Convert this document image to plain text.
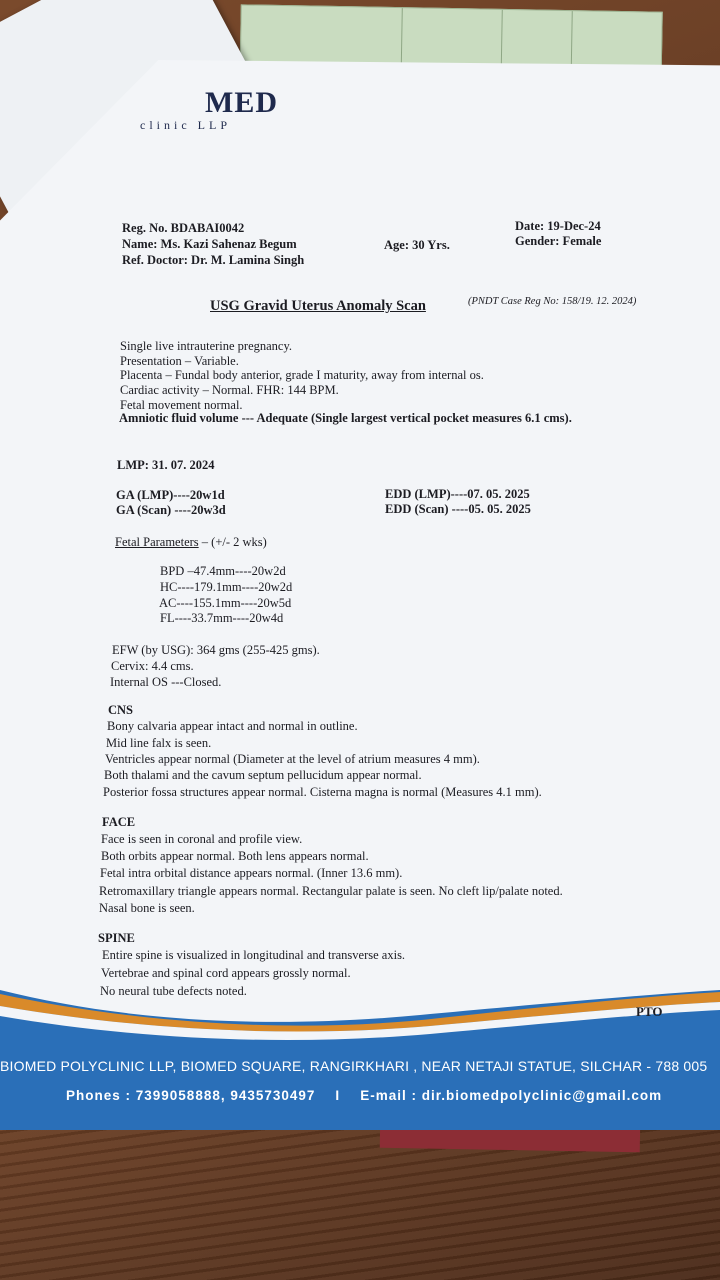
MED
clinic LLP
Reg. No. BDABAI0042
Name: Ms. Kazi Sahenaz Begum
Ref. Doctor: Dr. M. Lamina Singh
Age: 30 Yrs.
Date: 19-Dec-24
Gender: Female
USG Gravid Uterus Anomaly Scan	(PNDT Case Reg No: 158/19. 12. 2024)
Single live intrauterine pregnancy.
Presentation – Variable.
Placenta – Fundal body anterior, grade I maturity, away from internal os.
Cardiac activity – Normal. FHR: 144 BPM.
Fetal movement normal.
Amniotic fluid volume --- Adequate (Single largest vertical pocket measures 6.1 cms).
LMP: 31. 07. 2024
GA (LMP)----20w1d
GA (Scan) ----20w3d
EDD (LMP)----07. 05. 2025
EDD (Scan) ----05. 05. 2025
Fetal Parameters – (+/- 2 wks)
BPD –47.4mm----20w2d
HC----179.1mm----20w2d
AC----155.1mm----20w5d
FL----33.7mm----20w4d
EFW (by USG): 364 gms (255-425 gms).
Cervix: 4.4 cms.
Internal OS ---Closed.
CNS
Bony calvaria appear intact and normal in outline.
Mid line falx is seen.
Ventricles appear normal (Diameter at the level of atrium measures 4 mm).
Both thalami and the cavum septum pellucidum appear normal.
Posterior fossa structures appear normal. Cisterna magna is normal (Measures 4.1 mm).
FACE
Face is seen in coronal and profile view.
Both orbits appear normal. Both lens appears normal.
Fetal intra orbital distance appears normal. (Inner 13.6 mm).
Retromaxillary triangle appears normal. Rectangular palate is seen. No cleft lip/palate noted.
Nasal bone is seen.
SPINE
Entire spine is visualized in longitudinal and transverse axis.
Vertebrae and spinal cord appears grossly normal.
No neural tube defects noted.
PTO
BIOMED POLYCLINIC LLP, BIOMED SQUARE, RANGIRKHARI , NEAR NETAJI STATUE, SILCHAR - 788 005
Phones : 7399058888, 9435730497 I E-mail : dir.biomedpolyclinic@gmail.com
